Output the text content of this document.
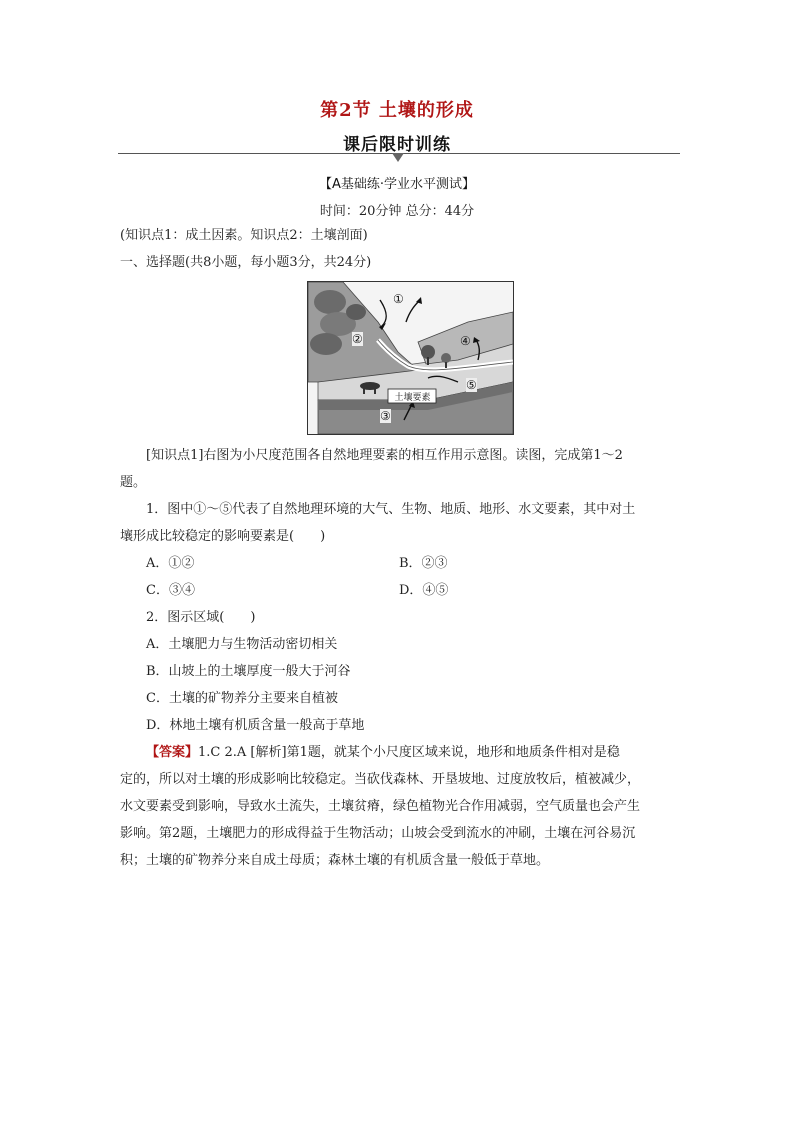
第2节 土壤的形成
课后限时训练
【A基础练·学业水平测试】
时间：20分钟 总分：44分
(知识点1：成土因素。知识点2：土壤剖面)
一、选择题(共8小题，每小题3分，共24分)
①
②
③
④
⑤
土壤要素
[知识点1]右图为小尺度范围各自然地理要素的相互作用示意图。读图，完成第1～2
题。
1．图中①～⑤代表了自然地理环境的大气、生物、地质、地形、水文要素，其中对土
壤形成比较稳定的影响要素是(　　)
A．①②	B．②③
C．③④	D．④⑤
2．图示区域(　　)
A．土壤肥力与生物活动密切相关
B．山坡上的土壤厚度一般大于河谷
C．土壤的矿物养分主要来自植被
D．林地土壤有机质含量一般高于草地
【答案】1.C 2.A [解析]第1题，就某个小尺度区域来说，地形和地质条件相对是稳
定的，所以对土壤的形成影响比较稳定。当砍伐森林、开垦坡地、过度放牧后，植被减少，
水文要素受到影响，导致水土流失，土壤贫瘠，绿色植物光合作用减弱，空气质量也会产生
影响。第2题，土壤肥力的形成得益于生物活动；山坡会受到流水的冲刷，土壤在河谷易沉
积；土壤的矿物养分来自成土母质；森林土壤的有机质含量一般低于草地。
